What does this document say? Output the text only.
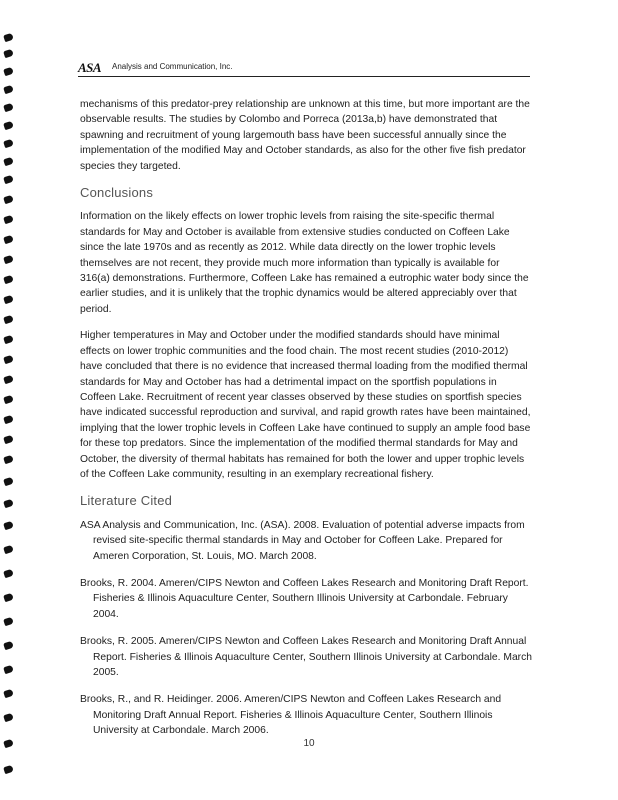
ASA Analysis and Communication, Inc.

mechanisms of this predator-prey relationship are unknown at this time, but more important are the observable results. The studies by Colombo and Porreca (2013a,b) have demonstrated that spawning and recruitment of young largemouth bass have been successful annually since the implementation of the modified May and October standards, as also for the other five fish predator species they targeted.

Conclusions

Information on the likely effects on lower trophic levels from raising the site-specific thermal standards for May and October is available from extensive studies conducted on Coffeen Lake since the late 1970s and as recently as 2012. While data directly on the lower trophic levels themselves are not recent, they provide much more information than typically is available for 316(a) demonstrations. Furthermore, Coffeen Lake has remained a eutrophic water body since the earlier studies, and it is unlikely that the trophic dynamics would be altered appreciably over that period.

Higher temperatures in May and October under the modified standards should have minimal effects on lower trophic communities and the food chain. The most recent studies (2010-2012) have concluded that there is no evidence that increased thermal loading from the modified thermal standards for May and October has had a detrimental impact on the sportfish populations in Coffeen Lake. Recruitment of recent year classes observed by these studies on sportfish species have indicated successful reproduction and survival, and rapid growth rates have been maintained, implying that the lower trophic levels in Coffeen Lake have continued to supply an ample food base for these top predators. Since the implementation of the modified thermal standards for May and October, the diversity of thermal habitats has remained for both the lower and upper trophic levels of the Coffeen Lake community, resulting in an exemplary recreational fishery.

Literature Cited

ASA Analysis and Communication, Inc. (ASA). 2008. Evaluation of potential adverse impacts from revised site-specific thermal standards in May and October for Coffeen Lake. Prepared for Ameren Corporation, St. Louis, MO. March 2008.

Brooks, R. 2004. Ameren/CIPS Newton and Coffeen Lakes Research and Monitoring Draft Report. Fisheries & Illinois Aquaculture Center, Southern Illinois University at Carbondale. February 2004.

Brooks, R. 2005. Ameren/CIPS Newton and Coffeen Lakes Research and Monitoring Draft Annual Report. Fisheries & Illinois Aquaculture Center, Southern Illinois University at Carbondale. March 2005.

Brooks, R., and R. Heidinger. 2006. Ameren/CIPS Newton and Coffeen Lakes Research and Monitoring Draft Annual Report. Fisheries & Illinois Aquaculture Center, Southern Illinois University at Carbondale. March 2006.

10
